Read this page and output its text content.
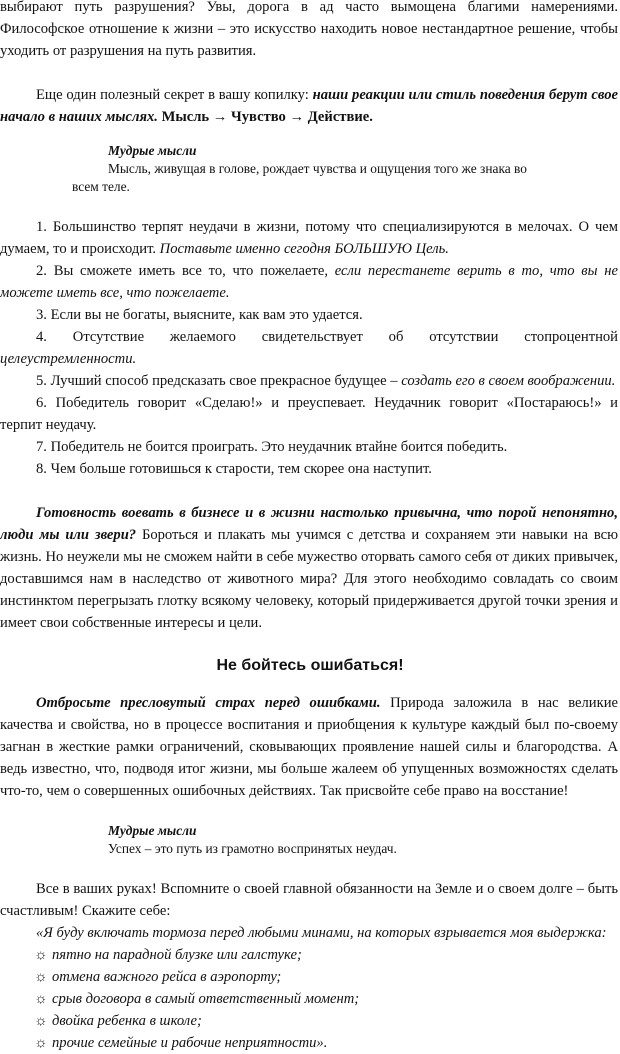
выбирают путь разрушения? Увы, дорога в ад часто вымощена благими намерениями. Философское отношение к жизни – это искусство находить новое нестандартное решение, чтобы уходить от разрушения на путь развития.

Еще один полезный секрет в вашу копилку: наши реакции или стиль поведения берут свое начало в наших мыслях. Мысль → Чувство → Действие.

Мудрые мысли

Мысль, живущая в голове, рождает чувства и ощущения того же знака во
всем теле.

1. Большинство терпят неудачи в жизни, потому что специализируются в мелочах. О чем думаем, то и происходит. Поставьте именно сегодня БОЛЬШУЮ Цель.

2. Вы сможете иметь все то, что пожелаете, если перестанете верить в то, что вы не можете иметь все, что пожелаете.

3. Если вы не богаты, выясните, как вам это удается.

4. Отсутствие желаемого свидетельствует об отсутствии стопроцентной целеустремленности.

5. Лучший способ предсказать свое прекрасное будущее – создать его в своем воображении.

6. Победитель говорит «Сделаю!» и преуспевает. Неудачник говорит «Постараюсь!» и терпит неудачу.

7. Победитель не боится проиграть. Это неудачник втайне боится победить.

8. Чем больше готовишься к старости, тем скорее она наступит.

Готовность воевать в бизнесе и в жизни настолько привычна, что порой непонятно, люди мы или звери? Бороться и плакать мы учимся с детства и сохраняем эти навыки на всю жизнь. Но неужели мы не сможем найти в себе мужество оторвать самого себя от диких привычек, доставшимся нам в наследство от животного мира? Для этого необходимо совладать со своим инстинктом перегрызать глотку всякому человеку, который придерживается другой точки зрения и имеет свои собственные интересы и цели.

Не бойтесь ошибаться!

Отбросьте пресловутый страх перед ошибками. Природа заложила в нас великие качества и свойства, но в процессе воспитания и приобщения к культуре каждый был по-своему загнан в жесткие рамки ограничений, сковывающих проявление нашей силы и благородства. А ведь известно, что, подводя итог жизни, мы больше жалеем об упущенных возможностях сделать что-то, чем о совершенных ошибочных действиях. Так присвойте себе право на восстание!

Мудрые мысли

Успех – это путь из грамотно воспринятых неудач.

Все в ваших руках! Вспомните о своей главной обязанности на Земле и о своем долге – быть счастливым! Скажите себе:

«Я буду включать тормоза перед любыми минами, на которых взрывается моя выдержка:

☼ пятно на парадной блузке или галстуке;

☼ отмена важного рейса в аэропорту;

☼ срыв договора в самый ответственный момент;

☼ двойка ребенка в школе;

☼ прочие семейные и рабочие неприятности».
